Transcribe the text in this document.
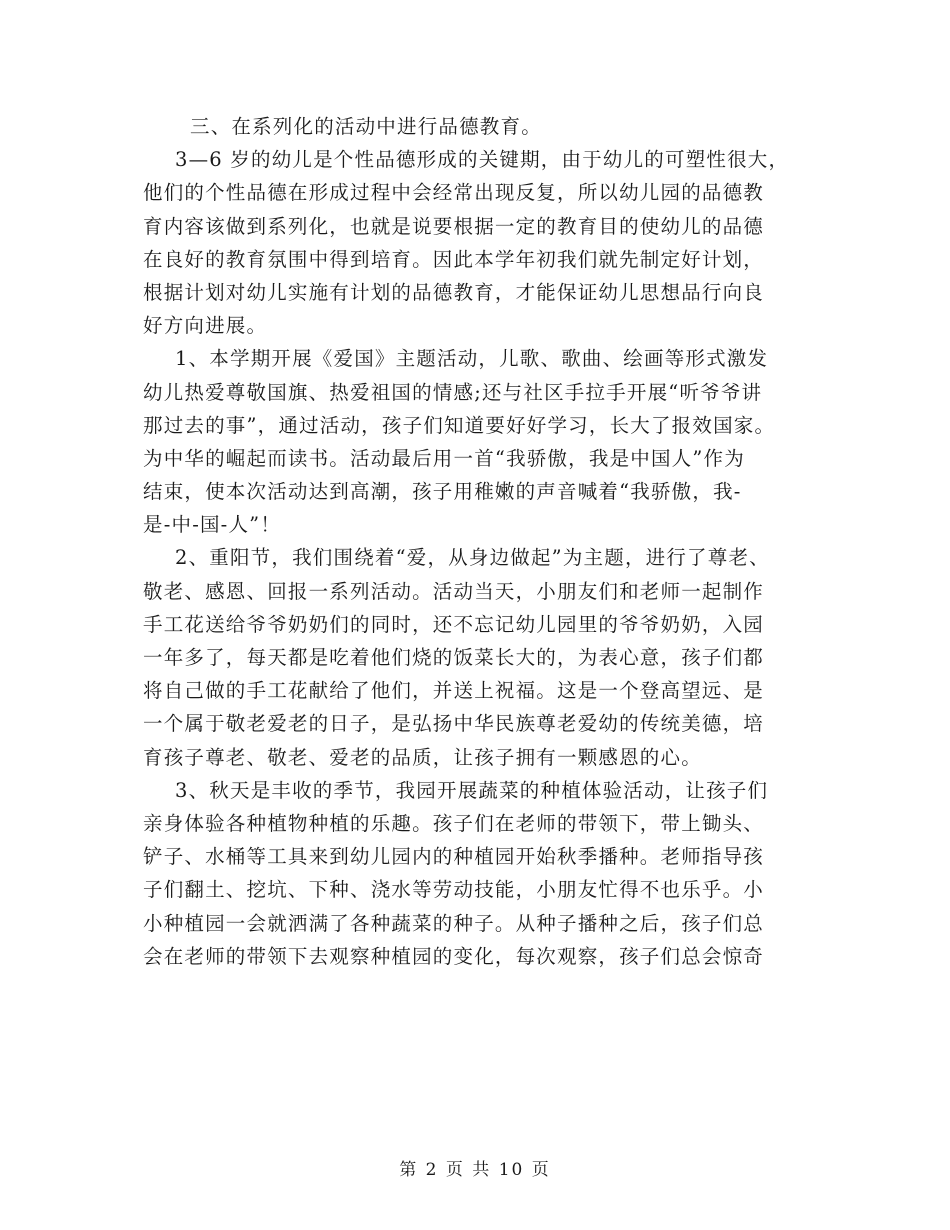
三、在系列化的活动中进行品德教育。
3—6 岁的幼儿是个性品德形成的关键期，由于幼儿的可塑性很大，
他们的个性品德在形成过程中会经常出现反复，所以幼儿园的品德教
育内容该做到系列化，也就是说要根据一定的教育目的使幼儿的品德
在良好的教育氛围中得到培育。因此本学年初我们就先制定好计划，
根据计划对幼儿实施有计划的品德教育，才能保证幼儿思想品行向良
好方向进展。
1、本学期开展《爱国》主题活动，儿歌、歌曲、绘画等形式激发
幼儿热爱尊敬国旗、热爱祖国的情感;还与社区手拉手开展“听爷爷讲
那过去的事”，通过活动，孩子们知道要好好学习，长大了报效国家。
为中华的崛起而读书。活动最后用一首“我骄傲，我是中国人”作为
结束，使本次活动达到高潮，孩子用稚嫩的声音喊着“我骄傲，我-
是-中-国-人”！
2、重阳节，我们围绕着“爱，从身边做起”为主题，进行了尊老、
敬老、感恩、回报一系列活动。活动当天，小朋友们和老师一起制作
手工花送给爷爷奶奶们的同时，还不忘记幼儿园里的爷爷奶奶，入园
一年多了，每天都是吃着他们烧的饭菜长大的，为表心意，孩子们都
将自己做的手工花献给了他们，并送上祝福。这是一个登高望远、是
一个属于敬老爱老的日子，是弘扬中华民族尊老爱幼的传统美德，培
育孩子尊老、敬老、爱老的品质，让孩子拥有一颗感恩的心。
3、秋天是丰收的季节，我园开展蔬菜的种植体验活动，让孩子们
亲身体验各种植物种植的乐趣。孩子们在老师的带领下，带上锄头、
铲子、水桶等工具来到幼儿园内的种植园开始秋季播种。老师指导孩
子们翻土、挖坑、下种、浇水等劳动技能，小朋友忙得不也乐乎。小
小种植园一会就洒满了各种蔬菜的种子。从种子播种之后，孩子们总
会在老师的带领下去观察种植园的变化，每次观察，孩子们总会惊奇
第 2 页 共 10 页
